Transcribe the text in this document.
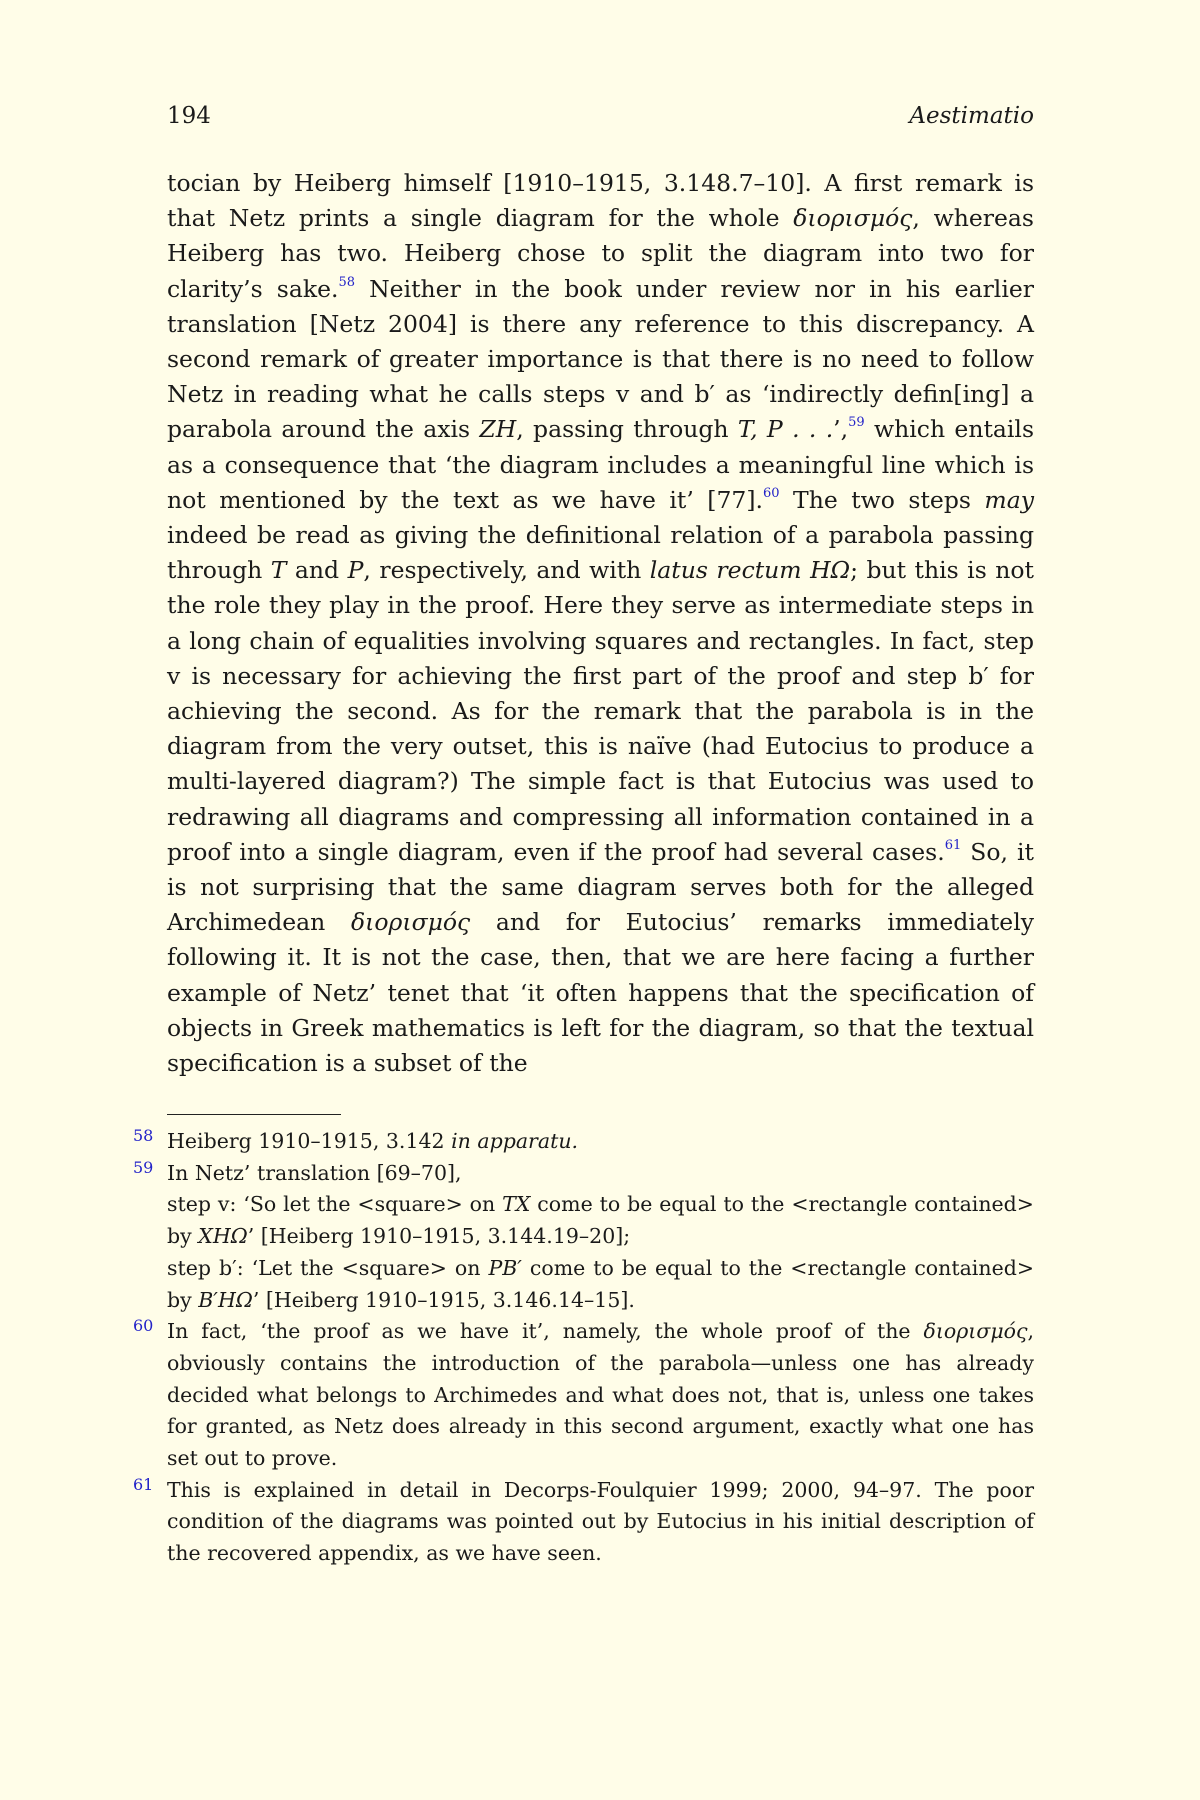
194	Aestimatio

tocian by Heiberg himself [1910–1915, 3.148.7–10]. A first remark is that Netz prints a single diagram for the whole διορισμός, whereas Heiberg has two. Heiberg chose to split the diagram into two for clarity’s sake.$^{58}$ Neither in the book under review nor in his earlier translation [Netz 2004] is there any reference to this discrepancy. A second remark of greater importance is that there is no need to follow Netz in reading what he calls steps v and b′ as ‘indirectly defin[ing] a parabola around the axis ZH, passing through T, P . . .’,$^{59}$ which entails as a consequence that ‘the diagram includes a meaningful line which is not mentioned by the text as we have it’ [77].$^{60}$ The two steps may indeed be read as giving the definitional relation of a parabola passing through T and P, respectively, and with latus rectum HΩ; but this is not the role they play in the proof. Here they serve as intermediate steps in a long chain of equalities involving squares and rectangles. In fact, step v is necessary for achieving the first part of the proof and step b′ for achieving the second. As for the remark that the parabola is in the diagram from the very outset, this is naïve (had Eutocius to produce a multi-layered diagram?) The simple fact is that Eutocius was used to redrawing all diagrams and compressing all information contained in a proof into a single diagram, even if the proof had several cases.$^{61}$ So, it is not surprising that the same diagram serves both for the alleged Archimedean διορισμός and for Eutocius’ remarks immediately following it. It is not the case, then, that we are here facing a further example of Netz’ tenet that ‘it often happens that the specification of objects in Greek mathematics is left for the diagram, so that the textual specification is a subset of the

58 Heiberg 1910–1915, 3.142 in apparatu.

59 In Netz’ translation [69–70],

step v: ‘So let the <square> on TX come to be equal to the <rectangle contained> by XHΩ’ [Heiberg 1910–1915, 3.144.19–20];

step b′: ‘Let the <square> on PB′ come to be equal to the <rectangle contained> by B′HΩ’ [Heiberg 1910–1915, 3.146.14–15].

60 In fact, ‘the proof as we have it’, namely, the whole proof of the διορισμός, obviously contains the introduction of the parabola—unless one has already decided what belongs to Archimedes and what does not, that is, unless one takes for granted, as Netz does already in this second argument, exactly what one has set out to prove.

61 This is explained in detail in Decorps-Foulquier 1999; 2000, 94–97. The poor condition of the diagrams was pointed out by Eutocius in his initial description of the recovered appendix, as we have seen.
